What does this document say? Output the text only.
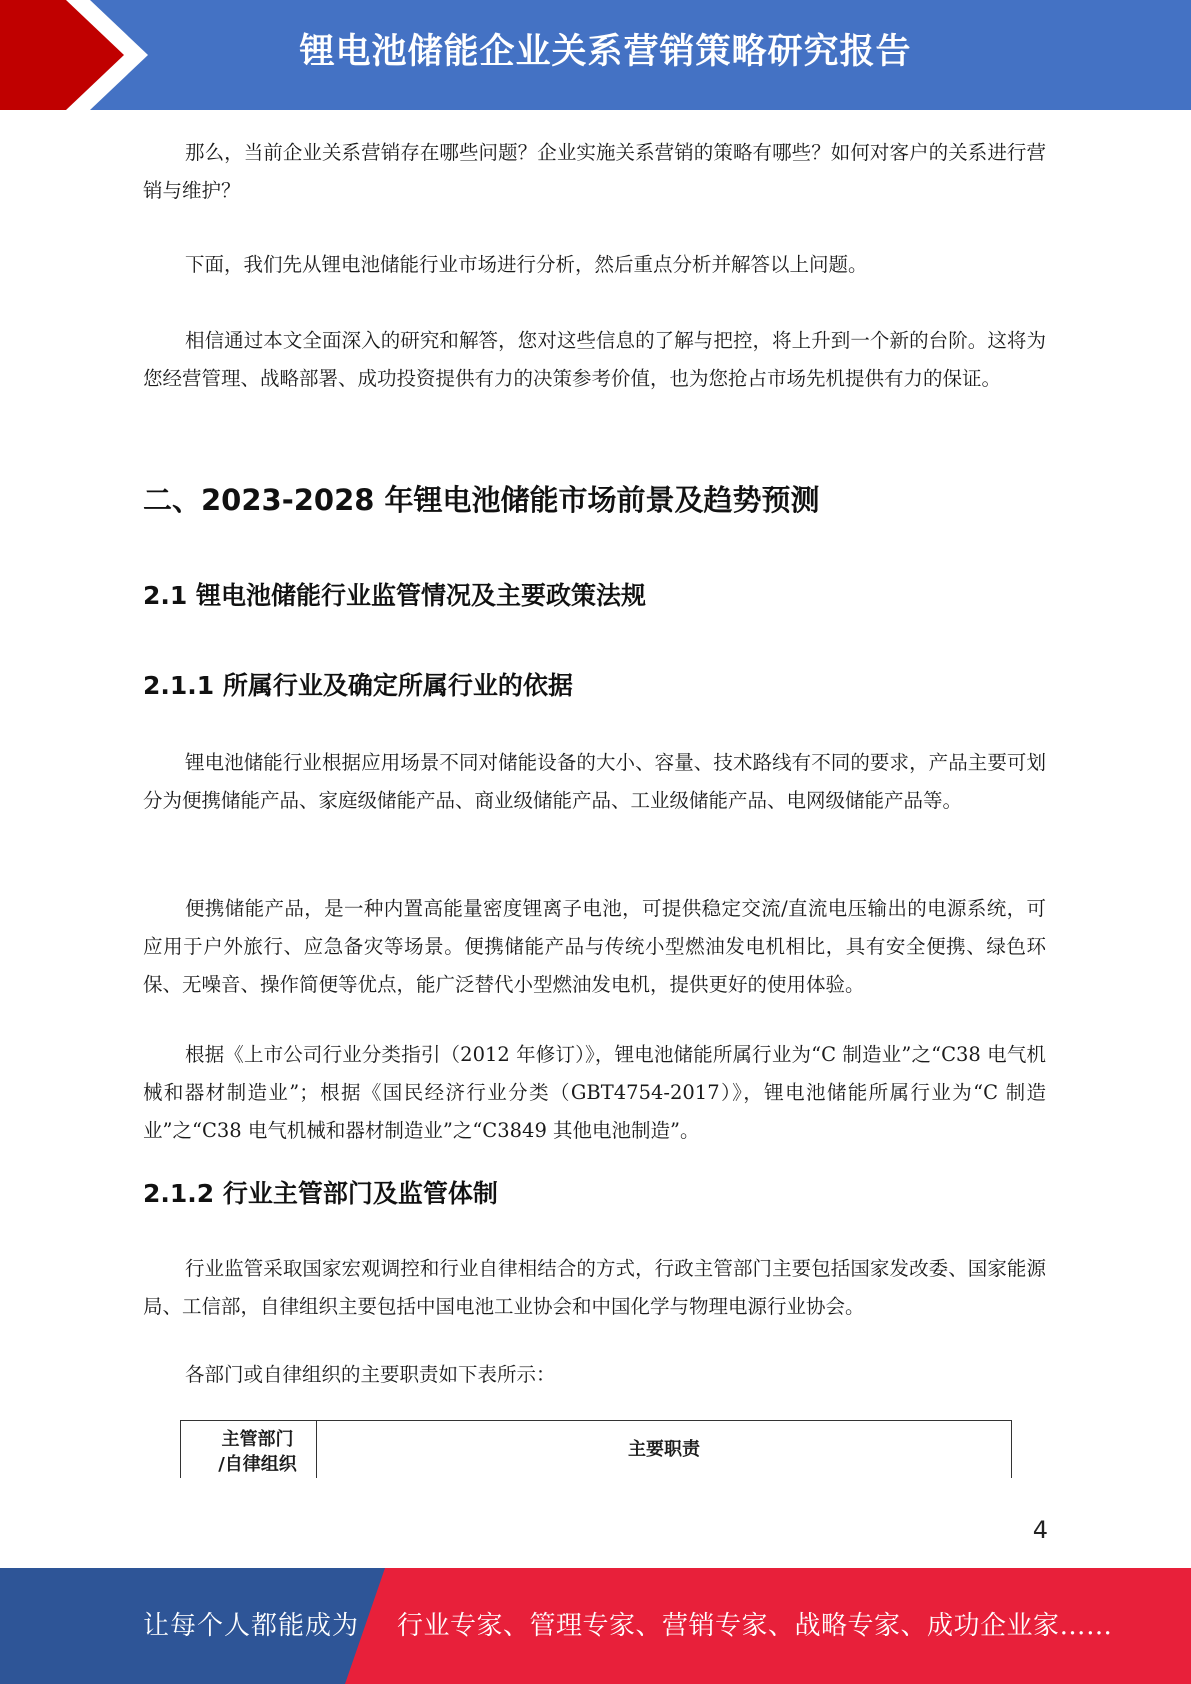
锂电池储能企业关系营销策略研究报告

那么，当前企业关系营销存在哪些问题？企业实施关系营销的策略有哪些？如何对客户的关系进行营销与维护？

下面，我们先从锂电池储能行业市场进行分析，然后重点分析并解答以上问题。

相信通过本文全面深入的研究和解答，您对这些信息的了解与把控，将上升到一个新的台阶。这将为您经营管理、战略部署、成功投资提供有力的决策参考价值，也为您抢占市场先机提供有力的保证。

二、2023-2028 年锂电池储能市场前景及趋势预测
2.1 锂电池储能行业监管情况及主要政策法规
2.1.1 所属行业及确定所属行业的依据

锂电池储能行业根据应用场景不同对储能设备的大小、容量、技术路线有不同的要求，产品主要可划分为便携储能产品、家庭级储能产品、商业级储能产品、工业级储能产品、电网级储能产品等。

便携储能产品，是一种内置高能量密度锂离子电池，可提供稳定交流/直流电压输出的电源系统，可应用于户外旅行、应急备灾等场景。便携储能产品与传统小型燃油发电机相比，具有安全便携、绿色环保、无噪音、操作简便等优点，能广泛替代小型燃油发电机，提供更好的使用体验。

根据《上市公司行业分类指引（2012 年修订）》，锂电池储能所属行业为“C 制造业”之“C38 电气机械和器材制造业”；根据《国民经济行业分类（GBT4754-2017）》，锂电池储能所属行业为“C 制造业”之“C38 电气机械和器材制造业”之“C3849 其他电池制造”。

2.1.2 行业主管部门及监管体制

行业监管采取国家宏观调控和行业自律相结合的方式，行政主管部门主要包括国家发改委、国家能源局、工信部，自律组织主要包括中国电池工业协会和中国化学与物理电源行业协会。

各部门或自律组织的主要职责如下表所示：

主管部门
/自律组织
主要职责
4
让每个人都能成为 行业专家、管理专家、营销专家、战略专家、成功企业家……
